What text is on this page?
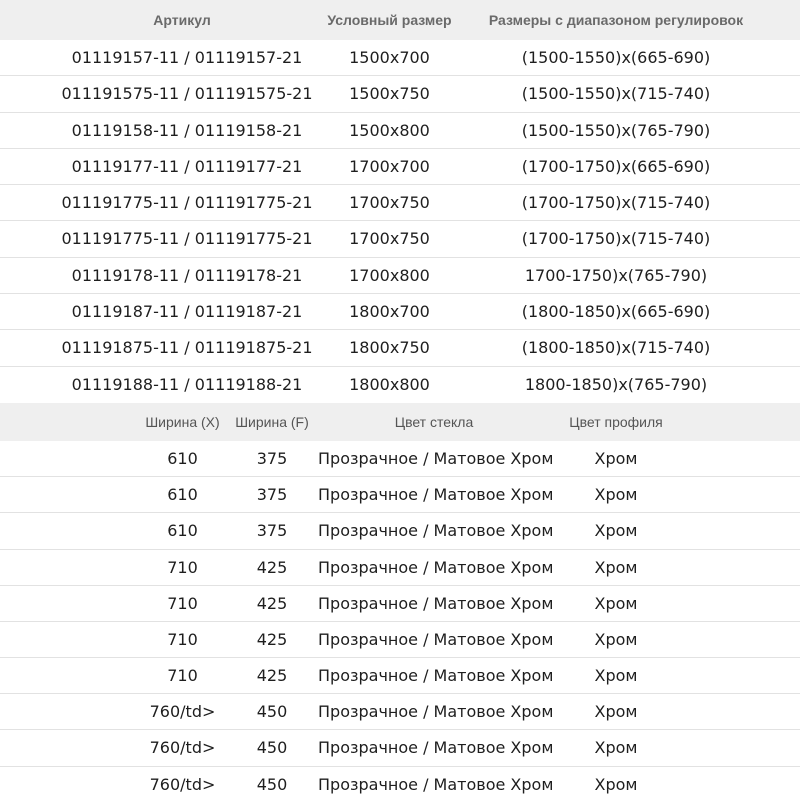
Артикул	Условный размер	Размеры с диапазоном регулировок
01119157-11 / 01119157-21	1500x700	(1500-1550)x(665-690)
011191575-11 / 011191575-21	1500x750	(1500-1550)x(715-740)
01119158-11 / 01119158-21	1500x800	(1500-1550)x(765-790)
01119177-11 / 01119177-21	1700x700	(1700-1750)x(665-690)
011191775-11 / 011191775-21	1700x750	(1700-1750)x(715-740)
011191775-11 / 011191775-21	1700x750	(1700-1750)x(715-740)
01119178-11 / 01119178-21	1700x800	1700-1750)x(765-790)
01119187-11 / 01119187-21	1800x700	(1800-1850)x(665-690)
011191875-11 / 011191875-21	1800x750	(1800-1850)x(715-740)
01119188-11 / 01119188-21	1800x800	1800-1850)x(765-790)
Ширина (X)	Ширина (F)	Цвет стекла	Цвет профиля
610	375	Прозрачное / Матовое Хром	Хром
610	375	Прозрачное / Матовое Хром	Хром
610	375	Прозрачное / Матовое Хром	Хром
710	425	Прозрачное / Матовое Хром	Хром
710	425	Прозрачное / Матовое Хром	Хром
710	425	Прозрачное / Матовое Хром	Хром
710	425	Прозрачное / Матовое Хром	Хром
760/td>	450	Прозрачное / Матовое Хром	Хром
760/td>	450	Прозрачное / Матовое Хром	Хром
760/td>	450	Прозрачное / Матовое Хром	Хром
